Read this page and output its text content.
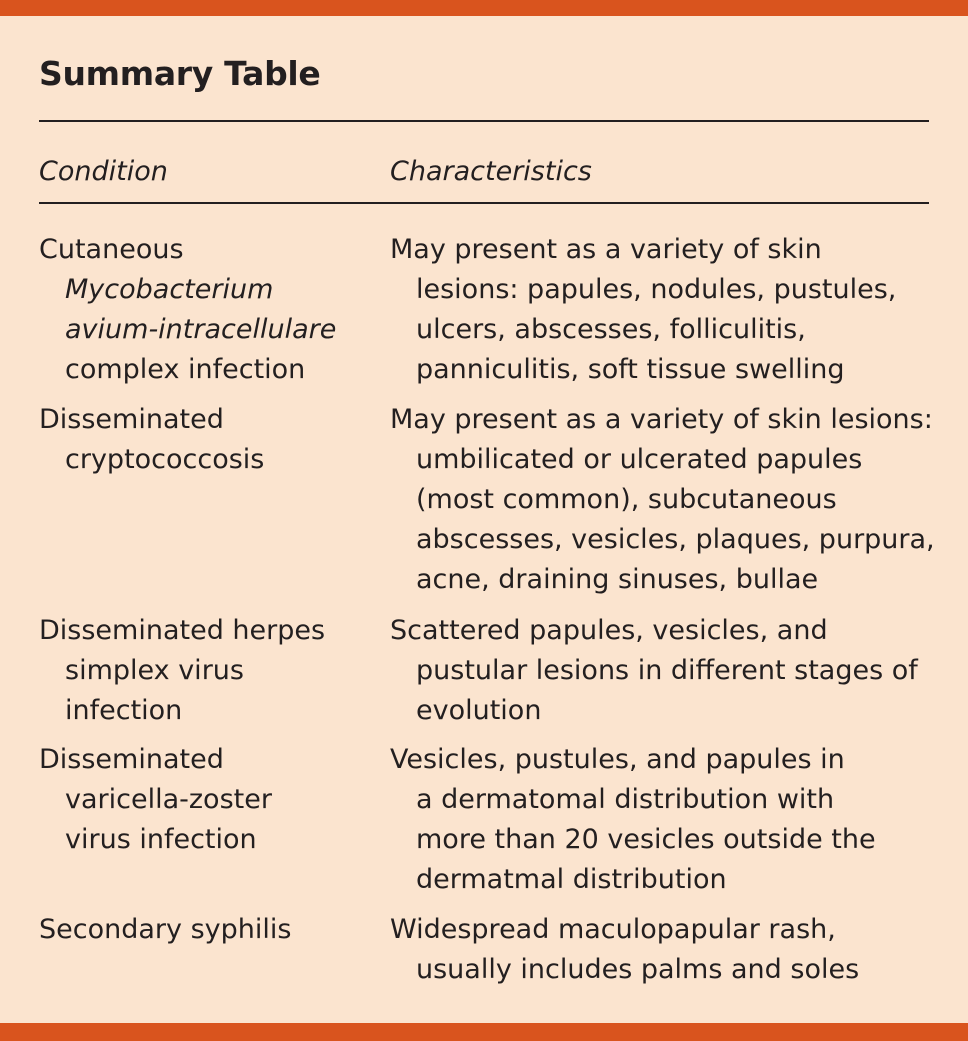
Summary Table
Condition	Characteristics
Cutaneous
Mycobacterium
avium-intracellulare
complex infection
May present as a variety of skin
lesions: papules, nodules, pustules,
ulcers, abscesses, folliculitis,
panniculitis, soft tissue swelling
Disseminated
cryptococcosis
May present as a variety of skin lesions:
umbilicated or ulcerated papules
(most common), subcutaneous
abscesses, vesicles, plaques, purpura,
acne, draining sinuses, bullae
Disseminated herpes
simplex virus
infection
Scattered papules, vesicles, and
pustular lesions in different stages of
evolution
Disseminated
varicella-zoster
virus infection
Vesicles, pustules, and papules in
a dermatomal distribution with
more than 20 vesicles outside the
dermatmal distribution
Secondary syphilis	Widespread maculopapular rash,
usually includes palms and soles
